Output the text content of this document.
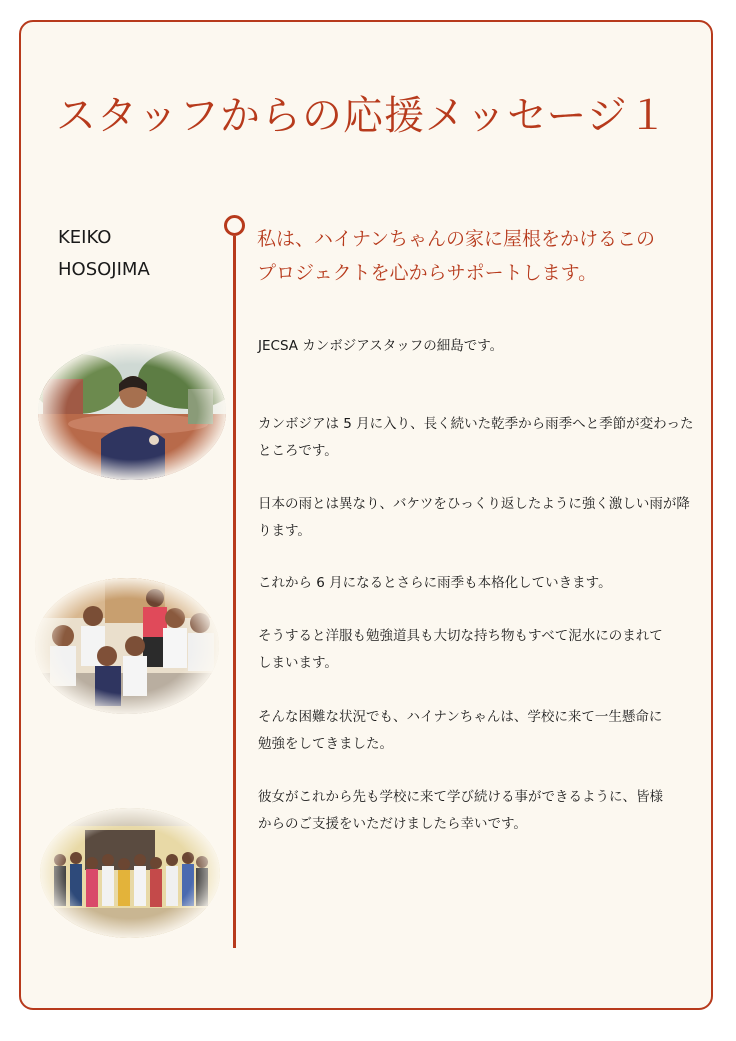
スタッフからの応援メッセージ１
KEIKO
HOSOJIMA
私は、ハイナンちゃんの家に屋根をかけるこの
プロジェクトを心からサポートします。
JECSA カンボジアスタッフの細島です。
カンボジアは 5 月に入り、長く続いた乾季から雨季へと季節が変わった
ところです。
日本の雨とは異なり、バケツをひっくり返したように強く激しい雨が降
ります。
これから 6 月になるとさらに雨季も本格化していきます。
そうすると洋服も勉強道具も大切な持ち物もすべて泥水にのまれて
しまいます。
そんな困難な状況でも、ハイナンちゃんは、学校に来て一生懸命に
勉強をしてきました。
彼女がこれから先も学校に来て学び続ける事ができるように、皆様
からのご支援をいただけましたら幸いです。
